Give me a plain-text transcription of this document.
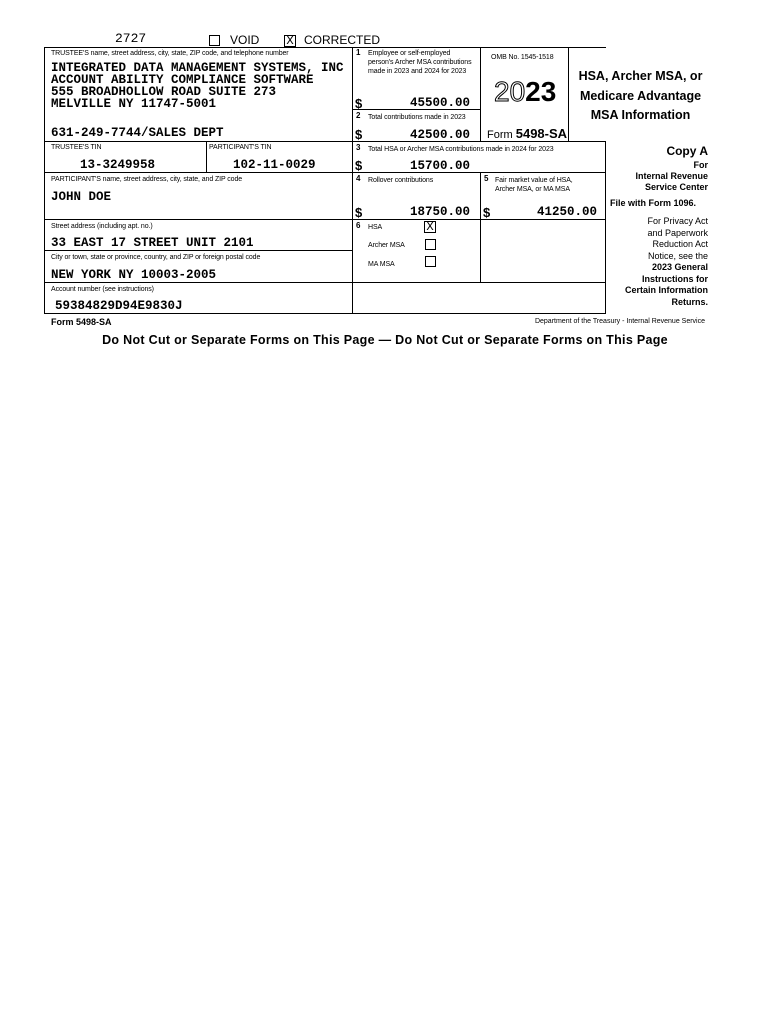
2727	VOID X CORRECTED
TRUSTEE'S name, street address, city, state, ZIP code, and telephone number
INTEGRATED DATA MANAGEMENT SYSTEMS, INC
ACCOUNT ABILITY COMPLIANCE SOFTWARE
555 BROADHOLLOW ROAD SUITE 273
MELVILLE NY 11747-5001
631-249-7744/SALES DEPT
TRUSTEE'S TIN
13-3249958
PARTICIPANT'S TIN
102-11-0029
PARTICIPANT'S name, street address, city, state, and ZIP code
JOHN DOE
Street address (including apt. no.)
33 EAST 17 STREET UNIT 2101
City or town, state or province, country, and ZIP or foreign postal code
NEW YORK NY 10003-2005
Account number (see instructions)
59384829D94E9830J
1 Employee or self-employed person's Archer MSA contributions made in 2023 and 2024 for 2023
$	45500.00
2 Total contributions made in 2023
$	42500.00
OMB No. 1545-1518
2023
Form 5498-SA
HSA, Archer MSA, or
Medicare Advantage
MSA Information
3 Total HSA or Archer MSA contributions made in 2024 for 2023
$	15700.00
4 Rollover contributions
$	18750.00
5 Fair market value of HSA, Archer MSA, or MA MSA
$	41250.00
6 HSA	X
Archer MSA
MA MSA
Copy A
For
Internal Revenue
Service Center
File with Form 1096.
For Privacy Act
and Paperwork
Reduction Act
Notice, see the
2023 General
Instructions for
Certain Information
Returns.
Form 5498-SA	Department of the Treasury - Internal Revenue Service
Do Not Cut or Separate Forms on This Page — Do Not Cut or Separate Forms on This Page
